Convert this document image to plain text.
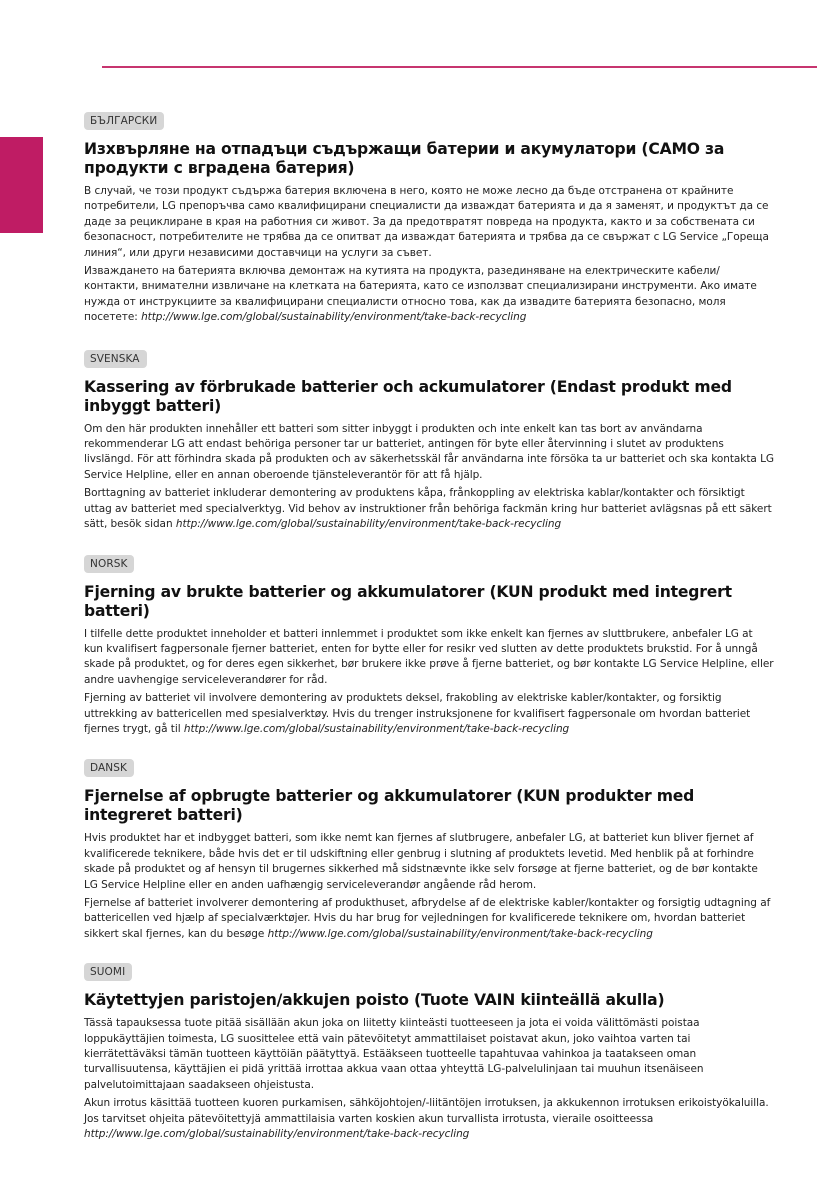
БЪЛГАРСКИ
Изхвърляне на отпадъци съдържащи батерии и акумулатори (САМО за продукти с вградена батерия)

В случай, че този продукт съдържа батерия включена в него, която не може лесно да бъде отстранена от крайните потребители, LG препоръчва само квалифицирани специалисти да изваждат батерията и да я заменят, и продуктът да се даде за рециклиране в края на работния си живот. За да предотвратят повреда на продукта, както и за собствената си безопасност, потребителите не трябва да се опитват да изваждат батерията и трябва да се свържат с LG Service „Гореща линия“, или други независими доставчици на услуги за съвет.

Изваждането на батерията включва демонтаж на кутията на продукта, разединяване на електрическите кабели/контакти, внимателни извличане на клетката на батерията, като се използват специализирани инструменти. Ако имате нужда от инструкциите за квалифицирани специалисти относно това, как да извадите батерията безопасно, моля посетете: http://www.lge.com/global/sustainability/environment/take-back-recycling

SVENSKA
Kassering av förbrukade batterier och ackumulatorer (Endast produkt med inbyggt batteri)

Om den här produkten innehåller ett batteri som sitter inbyggt i produkten och inte enkelt kan tas bort av användarna rekommenderar LG att endast behöriga personer tar ur batteriet, antingen för byte eller återvinning i slutet av produktens livslängd. För att förhindra skada på produkten och av säkerhetsskäl får användarna inte försöka ta ur batteriet och ska kontakta LG Service Helpline, eller en annan oberoende tjänsteleverantör för att få hjälp.

Borttagning av batteriet inkluderar demontering av produktens kåpa, frånkoppling av elektriska kablar/kontakter och försiktigt uttag av batteriet med specialverktyg. Vid behov av instruktioner från behöriga fackmän kring hur batteriet avlägsnas på ett säkert sätt, besök sidan http://www.lge.com/global/sustainability/environment/take-back-recycling

NORSK
Fjerning av brukte batterier og akkumulatorer (KUN produkt med integrert batteri)

I tilfelle dette produktet inneholder et batteri innlemmet i produktet som ikke enkelt kan fjernes av sluttbrukere, anbefaler LG at kun kvalifisert fagpersonale fjerner batteriet, enten for bytte eller for resikr ved slutten av dette produktets brukstid. For å unngå skade på produktet, og for deres egen sikkerhet, bør brukere ikke prøve å fjerne batteriet, og bør kontakte LG Service Helpline, eller andre uavhengige serviceleverandører for råd.

Fjerning av batteriet vil involvere demontering av produktets deksel, frakobling av elektriske kabler/kontakter, og forsiktig uttrekking av battericellen med spesialverktøy. Hvis du trenger instruksjonene for kvalifisert fagpersonale om hvordan batteriet fjernes trygt, gå til http://www.lge.com/global/sustainability/environment/take-back-recycling

DANSK
Fjernelse af opbrugte batterier og akkumulatorer (KUN produkter med integreret batteri)

Hvis produktet har et indbygget batteri, som ikke nemt kan fjernes af slutbrugere, anbefaler LG, at batteriet kun bliver fjernet af kvalificerede teknikere, både hvis det er til udskiftning eller genbrug i slutning af produktets levetid. Med henblik på at forhindre skade på produktet og af hensyn til brugernes sikkerhed må sidstnævnte ikke selv forsøge at fjerne batteriet, og de bør kontakte LG Service Helpline eller en anden uafhængig serviceleverandør angående råd herom.

Fjernelse af batteriet involverer demontering af produkthuset, afbrydelse af de elektriske kabler/kontakter og forsigtig udtagning af battericellen ved hjælp af specialværktøjer. Hvis du har brug for vejledningen for kvalificerede teknikere om, hvordan batteriet sikkert skal fjernes, kan du besøge http://www.lge.com/global/sustainability/environment/take-back-recycling

SUOMI
Käytettyjen paristojen/akkujen poisto (Tuote VAIN kiinteällä akulla)

Tässä tapauksessa tuote pitää sisällään akun joka on liitetty kiinteästi tuotteeseen ja jota ei voida välittömästi poistaa loppukäyttäjien toimesta, LG suosittelee että vain pätevöitetyt ammattilaiset poistavat akun, joko vaihtoa varten tai kierrätettäväksi tämän tuotteen käyttöiän päätyttyä. Estääkseen tuotteelle tapahtuvaa vahinkoa ja taatakseen oman turvallisuutensa, käyttäjien ei pidä yrittää irrottaa akkua vaan ottaa yhteyttä LG-palvelulinjaan tai muuhun itsenäiseen palvelutoimittajaan saadakseen ohjeistusta.

Akun irrotus käsittää tuotteen kuoren purkamisen, sähköjohtojen/-liitäntöjen irrotuksen, ja akkukennon irrotuksen erikoistyökaluilla. Jos tarvitset ohjeita pätevöitettyjä ammattilaisia varten koskien akun turvallista irrotusta, vieraile osoitteessa http://www.lge.com/global/sustainability/environment/take-back-recycling
